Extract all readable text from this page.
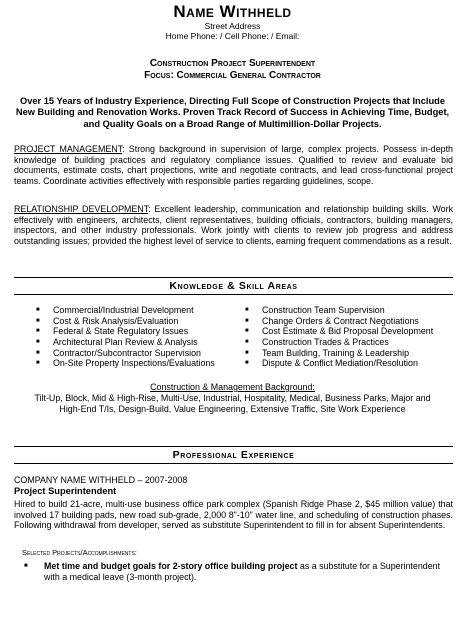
Name Withheld
Street Address
Home Phone: / Cell Phone: / Email:
Construction Project Superintendent
Focus: Commercial General Contractor
Over 15 Years of Industry Experience, Directing Full Scope of Construction Projects that Include New Building and Renovation Works. Proven Track Record of Success in Achieving Time, Budget, and Quality Goals on a Broad Range of Multimillion-Dollar Projects.
PROJECT MANAGEMENT: Strong background in supervision of large, complex projects. Possess in-depth knowledge of building practices and regulatory compliance issues. Qualified to review and evaluate bid documents, estimate costs, chart projections, write and negotiate contracts, and lead cross-functional project teams. Coordinate activities effectively with responsible parties regarding guidelines, scope.
RELATIONSHIP DEVELOPMENT: Excellent leadership, communication and relationship building skills. Work effectively with engineers, architects, client representatives, building officials, contractors, building managers, inspectors, and other industry professionals. Work jointly with clients to review job progress and address outstanding issues; provided the highest level of service to clients, earning frequent commendations as a result.
Knowledge & Skill Areas
■	Commercial/Industrial Development
■	Cost & Risk Analysis/Evaluation
■	Federal & State Regulatory Issues
■	Architectural Plan Review & Analysis
■	Contractor/Subcontractor Supervision
■	On-Site Property Inspections/Evaluations
■	Construction Team Supervision
■	Change Orders & Contract Negotiations
■	Cost Estimate & Bid Proposal Development
■	Construction Trades & Practices
■	Team Building, Training & Leadership
■	Dispute & Conflict Mediation/Resolution
Construction & Management Background:
Tilt-Up, Block, Mid & High-Rise, Multi-Use, Industrial, Hospitality, Medical, Business Parks, Major and High-End T/Is, Design-Build, Value Engineering, Extensive Traffic, Site Work Experience
Professional Experience
COMPANY NAME WITHHELD – 2007-2008
Project Superintendent
Hired to build 21-acre, multi-use business office park complex (Spanish Ridge Phase 2, $45 million value) that involved 17 building pads, new road sub-grade, 2,000 8"-10" water line, and scheduling of construction phases. Following withdrawal from developer, served as substitute Superintendent to fill in for absent Superintendents.
Selected Projects/Accomplishments:
■	Met time and budget goals for 2-story office building project as a substitute for a Superintendent with a medical leave (3-month project).
